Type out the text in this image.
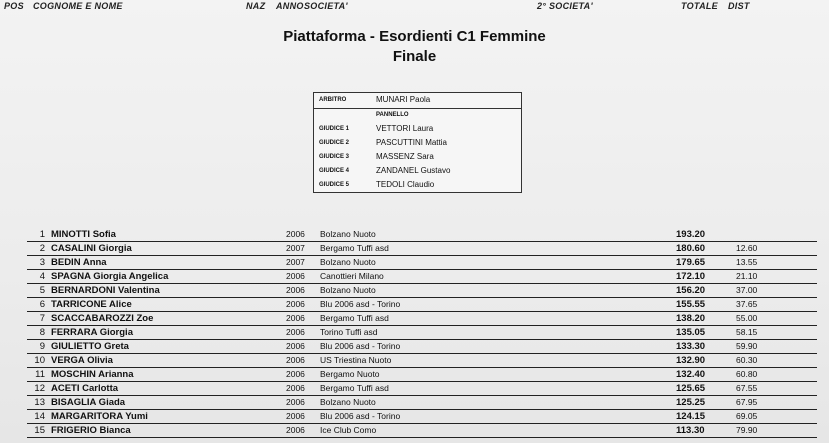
POS COGNOME E NOME	NAZ ANNO SOCIETA'	2° SOCIETA'	TOTALE DIST
Piattaforma - Esordienti C1 Femmine
Finale
ARBITRO	MUNARI Paola
PANNELLO
GIUDICE 1	VETTORI Laura
GIUDICE 2	PASCUTTINI Mattia
GIUDICE 3	MASSENZ Sara
GIUDICE 4	ZANDANEL Gustavo
GIUDICE 5	TEDOLI Claudio
1 MINOTTI Sofia	2006 Bolzano Nuoto	193.20
2 CASALINI Giorgia	2007 Bergamo Tuffi asd	180.60	12.60
3 BEDIN Anna	2007 Bolzano Nuoto	179.65	13.55
4 SPAGNA Giorgia Angelica	2006 Canottieri Milano	172.10	21.10
5 BERNARDONI Valentina	2006 Bolzano Nuoto	156.20	37.00
6 TARRICONE Alice	2006 Blu 2006 asd - Torino	155.55	37.65
7 SCACCABAROZZI Zoe	2006 Bergamo Tuffi asd	138.20	55.00
8 FERRARA Giorgia	2006 Torino Tuffi asd	135.05	58.15
9 GIULIETTO Greta	2006 Blu 2006 asd - Torino	133.30	59.90
10 VERGA Olivia	2006 US Triestina Nuoto	132.90	60.30
11 MOSCHIN Arianna	2006 Bergamo Nuoto	132.40	60.80
12 ACETI Carlotta	2006 Bergamo Tuffi asd	125.65	67.55
13 BISAGLIA Giada	2006 Bolzano Nuoto	125.25	67.95
14 MARGARITORA Yumi	2006 Blu 2006 asd - Torino	124.15	69.05
15 FRIGERIO Bianca	2006 Ice Club Como	113.30	79.90
